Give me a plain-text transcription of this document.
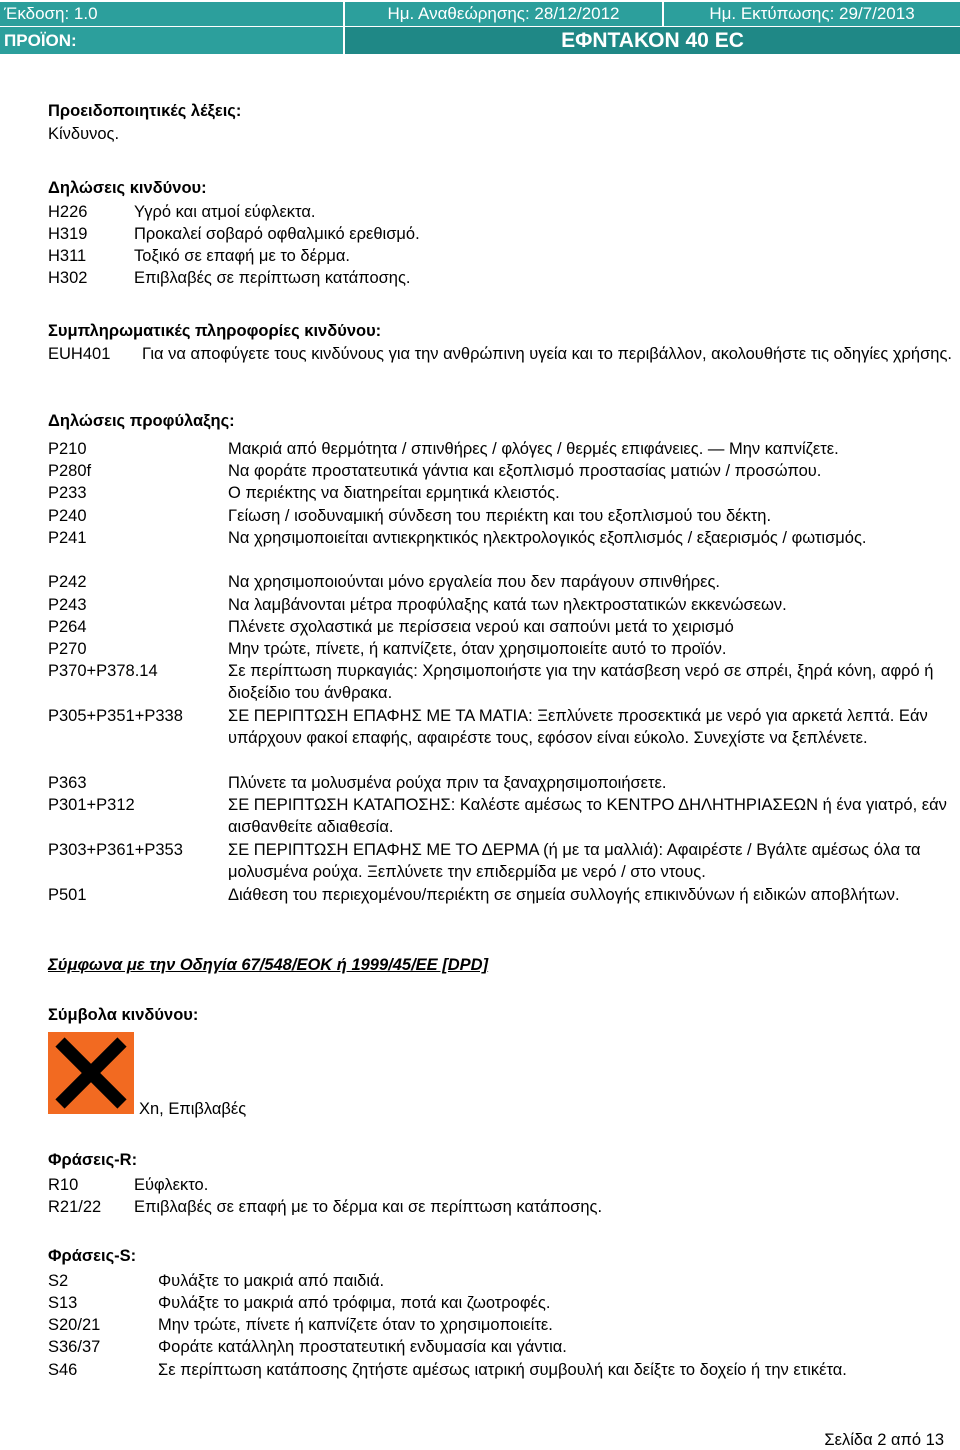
Έκδοση: 1.0	Ημ. Αναθεώρησης: 28/12/2012	Ημ. Εκτύπωσης: 29/7/2013
ΠΡΟΪΟΝ:	ΕΦΝΤΑΚΟΝ 40 EC
Προειδοποιητικές λέξεις:
Κίνδυνος.
Δηλώσεις κινδύνου:
H226	Υγρό και ατμοί εύφλεκτα.
H319	Προκαλεί σοβαρό οφθαλμικό ερεθισμό.
H311	Τοξικό σε επαφή με το δέρμα.
H302	Επιβλαβές σε περίπτωση κατάποσης.
Συμπληρωματικές πληροφορίες κινδύνου:
EUH401 Για να αποφύγετε τους κινδύνους για την ανθρώπινη υγεία και το περιβάλλον, ακολουθήστε τις οδηγίες χρήσης.
Δηλώσεις προφύλαξης:
P210	Μακριά από θερμότητα / σπινθήρες / φλόγες / θερμές επιφάνειες. — Μην καπνίζετε.
P280f	Να φοράτε προστατευτικά γάντια και εξοπλισμό προστασίας ματιών / προσώπου.
P233	Ο περιέκτης να διατηρείται ερμητικά κλειστός.
P240	Γείωση / ισοδυναμική σύνδεση του περιέκτη και του εξοπλισμού του δέκτη.
P241	Να χρησιμοποιείται αντιεκρηκτικός ηλεκτρολογικός εξοπλισμός / εξαερισμός / φωτισμός.
P242	Να χρησιμοποιούνται μόνο εργαλεία που δεν παράγουν σπινθήρες.
P243	Να λαμβάνονται μέτρα προφύλαξης κατά των ηλεκτροστατικών εκκενώσεων.
P264	Πλένετε σχολαστικά με περίσσεια νερού και σαπούνι μετά το χειρισμό
P270	Μην τρώτε, πίνετε, ή καπνίζετε, όταν χρησιμοποιείτε αυτό το προϊόν.
P370+P378.14	Σε περίπτωση πυρκαγιάς: Χρησιμοποιήστε για την κατάσβεση νερό σε σπρέι, ξηρά κόνη, αφρό ή διοξείδιο του άνθρακα.
P305+P351+P338	ΣΕ ΠΕΡΙΠΤΩΣΗ ΕΠΑΦΗΣ ΜΕ ΤΑ ΜΑΤΙΑ: Ξεπλύνετε προσεκτικά με νερό για αρκετά λεπτά. Εάν υπάρχουν φακοί επαφής, αφαιρέστε τους, εφόσον είναι εύκολο. Συνεχίστε να ξεπλένετε.
P363	Πλύνετε τα μολυσμένα ρούχα πριν τα ξαναχρησιμοποιήσετε.
P301+P312	ΣΕ ΠΕΡΙΠΤΩΣΗ ΚΑΤΑΠΟΣΗΣ: Καλέστε αμέσως το ΚΕΝΤΡΟ ΔΗΛΗΤΗΡΙΑΣΕΩΝ ή ένα γιατρό, εάν αισθανθείτε αδιαθεσία.
P303+P361+P353	ΣΕ ΠΕΡΙΠΤΩΣΗ ΕΠΑΦΗΣ ΜΕ ΤΟ ΔΕΡΜΑ (ή με τα μαλλιά): Αφαιρέστε / Βγάλτε αμέσως όλα τα μολυσμένα ρούχα. Ξεπλύνετε την επιδερμίδα με νερό / στο ντους.
P501	Διάθεση του περιεχομένου/περιέκτη σε σημεία συλλογής επικινδύνων ή ειδικών αποβλήτων.
Σύμφωνα με την Οδηγία 67/548/ΕΟΚ ή 1999/45/ΕΕ [DPD]
Σύμβολα κινδύνου:
Xn, Επιβλαβές
Φράσεις-R:
R10	Εύφλεκτο.
R21/22 Επιβλαβές σε επαφή με το δέρμα και σε περίπτωση κατάποσης.
Φράσεις-S:
S2	Φυλάξτε το μακριά από παιδιά.
S13	Φυλάξτε το μακριά από τρόφιμα, ποτά και ζωοτροφές.
S20/21	Μην τρώτε, πίνετε ή καπνίζετε όταν το χρησιμοποιείτε.
S36/37	Φοράτε κατάλληλη προστατευτική ενδυμασία και γάντια.
S46	Σε περίπτωση κατάποσης ζητήστε αμέσως ιατρική συμβουλή και δείξτε το δοχείο ή την ετικέτα.
Σελίδα 2 από 13
